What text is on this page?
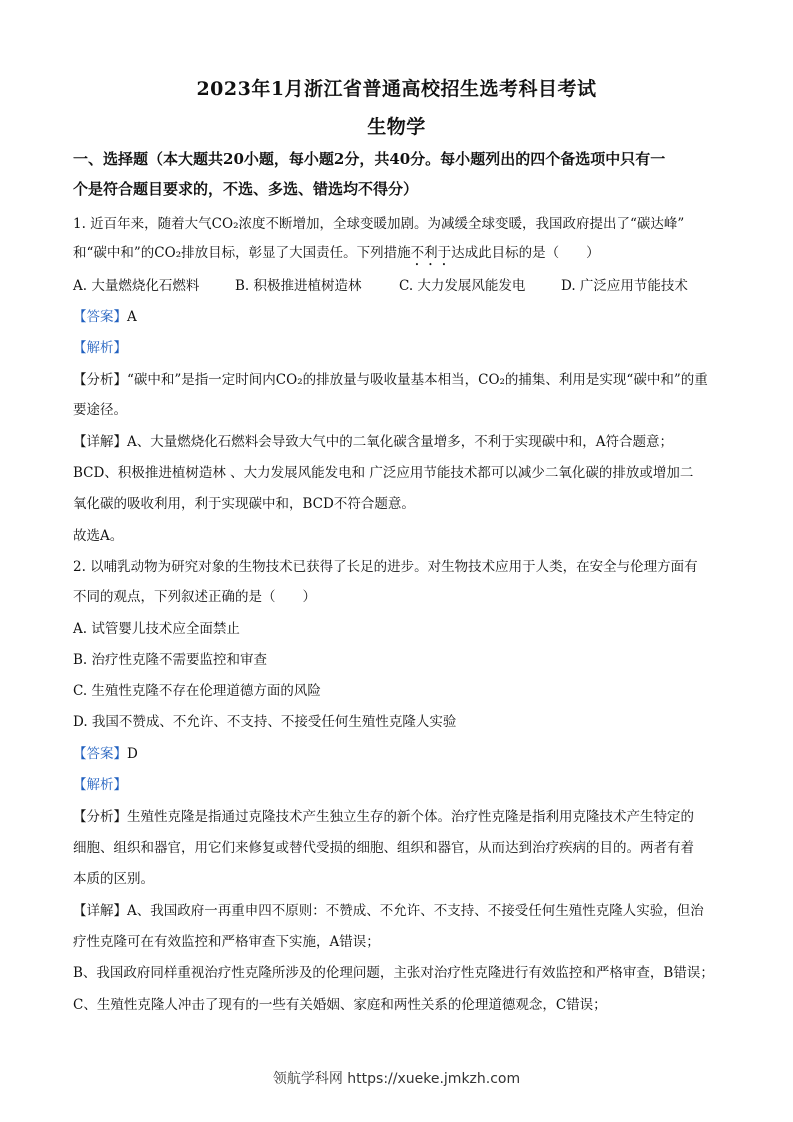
2023年1月浙江省普通高校招生选考科目考试
生物学
一、选择题（本大题共20小题，每小题2分，共40分。每小题列出的四个备选项中只有一
个是符合题目要求的，不选、多选、错选均不得分）
1. 近百年来，随着大气CO₂浓度不断增加，全球变暖加剧。为减缓全球变暖，我国政府提出了“碳达峰”
和“碳中和”的CO₂排放目标，彰显了大国责任。下列措施不利于达成此目标的是（　　）
A. 大量燃烧化石燃料	B. 积极推进植树造林	C. 大力发展风能发电	D. 广泛应用节能技术
【答案】A
【解析】
【分析】“碳中和”是指一定时间内CO₂的排放量与吸收量基本相当，CO₂的捕集、利用是实现“碳中和”的重
要途径。
【详解】A、大量燃烧化石燃料会导致大气中的二氧化碳含量增多，不利于实现碳中和，A符合题意；
BCD、积极推进植树造林 、大力发展风能发电和 广泛应用节能技术都可以减少二氧化碳的排放或增加二
氧化碳的吸收利用，利于实现碳中和，BCD不符合题意。
故选A。
2. 以哺乳动物为研究对象的生物技术已获得了长足的进步。对生物技术应用于人类，在安全与伦理方面有
不同的观点，下列叙述正确的是（　　）
A. 试管婴儿技术应全面禁止
B. 治疗性克隆不需要监控和审查
C. 生殖性克隆不存在伦理道德方面的风险
D. 我国不赞成、不允许、不支持、不接受任何生殖性克隆人实验
【答案】D
【解析】
【分析】生殖性克隆是指通过克隆技术产生独立生存的新个体。治疗性克隆是指利用克隆技术产生特定的
细胞、组织和器官，用它们来修复或替代受损的细胞、组织和器官，从而达到治疗疾病的目的。两者有着
本质的区别。
【详解】A、我国政府一再重申四不原则：不赞成、不允许、不支持、不接受任何生殖性克隆人实验，但治
疗性克隆可在有效监控和严格审查下实施，A错误；
B、我国政府同样重视治疗性克隆所涉及的伦理问题，主张对治疗性克隆进行有效监控和严格审查，B错误；
C、生殖性克隆人冲击了现有的一些有关婚姻、家庭和两性关系的伦理道德观念，C错误；
领航学科网 https://xueke.jmkzh.com
